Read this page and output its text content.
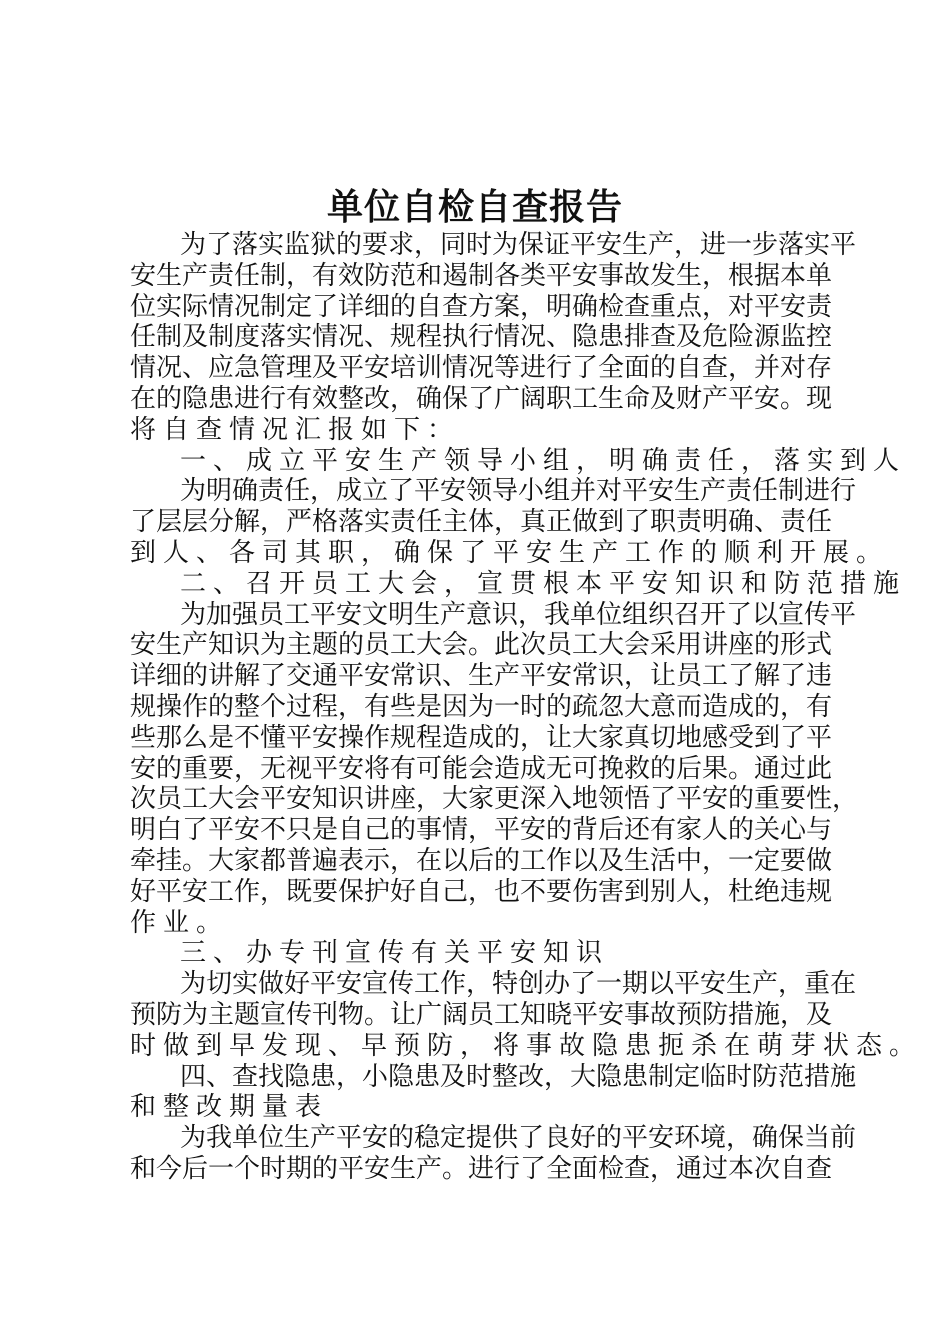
单位自检自查报告
为了落实监狱的要求，同时为保证平安生产，进一步落实平
安生产责任制，有效防范和遏制各类平安事故发生，根据本单
位实际情况制定了详细的自查方案，明确检查重点，对平安责
任制及制度落实情况、规程执行情况、隐患排查及危险源监控
情况、应急管理及平安培训情况等进行了全面的自查，并对存
在的隐患进行有效整改，确保了广阔职工生命及财产平安。现
将自查情况汇报如下：
一、成立平安生产领导小组，明确责任，落实到人
为明确责任，成立了平安领导小组并对平安生产责任制进行
了层层分解，严格落实责任主体，真正做到了职责明确、责任
到人、各司其职，确保了平安生产工作的顺利开展。
二、召开员工大会，宣贯根本平安知识和防范措施
为加强员工平安文明生产意识，我单位组织召开了以宣传平
安生产知识为主题的员工大会。此次员工大会采用讲座的形式
详细的讲解了交通平安常识、生产平安常识，让员工了解了违
规操作的整个过程，有些是因为一时的疏忽大意而造成的，有
些那么是不懂平安操作规程造成的，让大家真切地感受到了平
安的重要，无视平安将有可能会造成无可挽救的后果。通过此
次员工大会平安知识讲座，大家更深入地领悟了平安的重要性，
明白了平安不只是自己的事情，平安的背后还有家人的关心与
牵挂。大家都普遍表示，在以后的工作以及生活中，一定要做
好平安工作，既要保护好自己，也不要伤害到别人，杜绝违规
作业。
三、办专刊宣传有关平安知识
为切实做好平安宣传工作，特创办了一期以平安生产，重在
预防为主题宣传刊物。让广阔员工知晓平安事故预防措施，及
时做到早发现、早预防，将事故隐患扼杀在萌芽状态。
四、查找隐患，小隐患及时整改，大隐患制定临时防范措施
和整改期量表
为我单位生产平安的稳定提供了良好的平安环境，确保当前
和今后一个时期的平安生产。进行了全面检查，通过本次自查
